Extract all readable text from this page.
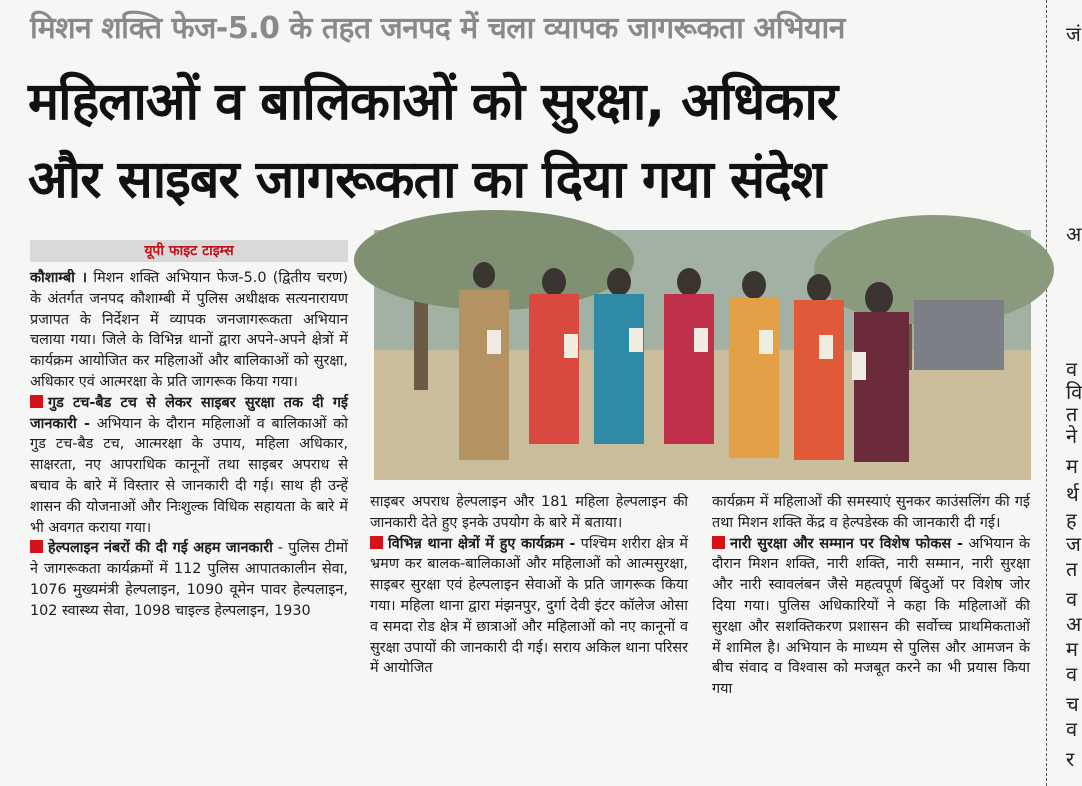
मिशन शक्ति फेज-5.0 के तहत जनपद में चला व्यापक जागरूकता अभियान
महिलाओं व बालिकाओं को सुरक्षा, अधिकार
और साइबर जागरूकता का दिया गया संदेश
जं
अ
व
वि
त
ने
म
र्थ
ह
ज
त
व
अ
म
व
च
व
र
यूपी फाइट टाइम्स

कौशाम्बी । मिशन शक्ति अभियान फेज-5.0 (द्वितीय चरण) के अंतर्गत जनपद कौशाम्बी में पुलिस अधीक्षक सत्यनारायण प्रजापत के निर्देशन में व्यापक जनजागरूकता अभियान चलाया गया। जिले के विभिन्न थानों द्वारा अपने-अपने क्षेत्रों में कार्यक्रम आयोजित कर महिलाओं और बालिकाओं को सुरक्षा, अधिकार एवं आत्मरक्षा के प्रति जागरूक किया गया।

गुड टच-बैड टच से लेकर साइबर सुरक्षा तक दी गई जानकारी - अभियान के दौरान महिलाओं व बालिकाओं को गुड टच-बैड टच, आत्मरक्षा के उपाय, महिला अधिकार, साक्षरता, नए आपराधिक कानूनों तथा साइबर अपराध से बचाव के बारे में विस्तार से जानकारी दी गई। साथ ही उन्हें शासन की योजनाओं और निःशुल्क विधिक सहायता के बारे में भी अवगत कराया गया।

हेल्पलाइन नंबरों की दी गई अहम जानकारी - पुलिस टीमों ने जागरूकता कार्यक्रमों में 112 पुलिस आपातकालीन सेवा, 1076 मुख्यमंत्री हेल्पलाइन, 1090 वूमेन पावर हेल्पलाइन, 102 स्वास्थ्य सेवा, 1098 चाइल्ड हेल्पलाइन, 1930

साइबर अपराध हेल्पलाइन और 181 महिला हेल्पलाइन की जानकारी देते हुए इनके उपयोग के बारे में बताया।

विभिन्न थाना क्षेत्रों में हुए कार्यक्रम - पश्चिम शरीरा क्षेत्र में भ्रमण कर बालक-बालिकाओं और महिलाओं को आत्मसुरक्षा, साइबर सुरक्षा एवं हेल्पलाइन सेवाओं के प्रति जागरूक किया गया। महिला थाना द्वारा मंझनपुर, दुर्गा देवी इंटर कॉलेज ओसा व समदा रोड क्षेत्र में छात्राओं और महिलाओं को नए कानूनों व सुरक्षा उपायों की जानकारी दी गई। सराय अकिल थाना परिसर में आयोजित

कार्यक्रम में महिलाओं की समस्याएं सुनकर काउंसलिंग की गई तथा मिशन शक्ति केंद्र व हेल्पडेस्क की जानकारी दी गई।

नारी सुरक्षा और सम्मान पर विशेष फोकस - अभियान के दौरान मिशन शक्ति, नारी शक्ति, नारी सम्मान, नारी सुरक्षा और नारी स्वावलंबन जैसे महत्वपूर्ण बिंदुओं पर विशेष जोर दिया गया। पुलिस अधिकारियों ने कहा कि महिलाओं की सुरक्षा और सशक्तिकरण प्रशासन की सर्वोच्च प्राथमिकताओं में शामिल है। अभियान के माध्यम से पुलिस और आमजन के बीच संवाद व विश्वास को मजबूत करने का भी प्रयास किया गया
